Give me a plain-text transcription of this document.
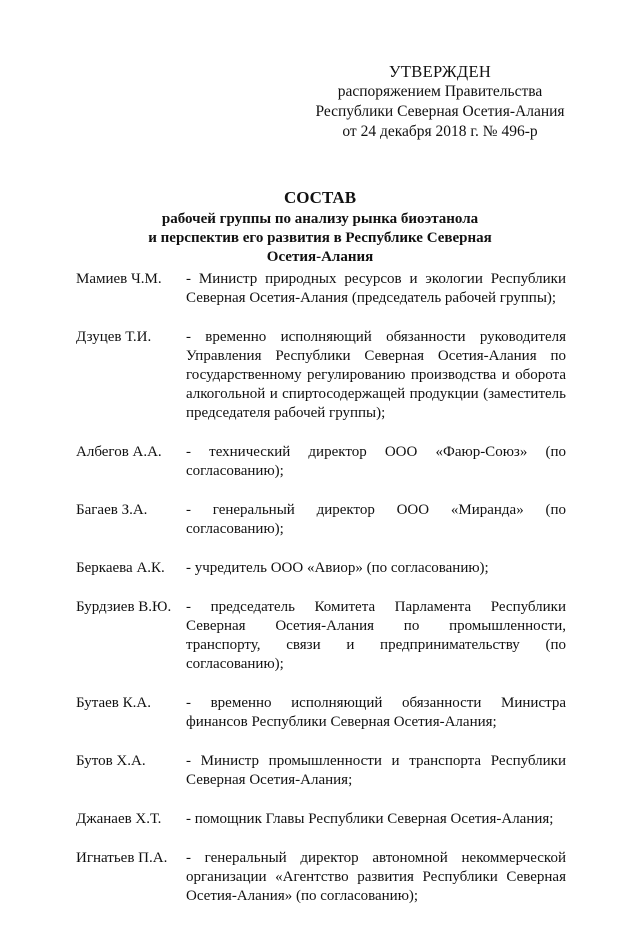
УТВЕРЖДЕН
распоряжением Правительства
Республики Северная Осетия-Алания
от 24 декабря 2018 г. № 496-р
СОСТАВ
рабочей группы по анализу рынка биоэтанола
и перспектив его развития в Республике Северная
Осетия-Алания
Мамиев Ч.М.	- Министр природных ресурсов и экологии Республики Северная Осетия-Алания (председатель рабочей группы);
Дзуцев Т.И.	- временно исполняющий обязанности руководителя Управления Республики Северная Осетия-Алания по государственному регулированию производства и оборота алкогольной и спиртосодержащей продукции (заместитель председателя рабочей группы);
Албегов А.А.	- технический директор ООО «Фаюр-Союз» (по согласованию);
Багаев З.А.	- генеральный директор ООО «Миранда» (по согласованию);
Беркаева А.К.	- учредитель ООО «Авиор» (по согласованию);
Бурдзиев В.Ю. - председатель Комитета Парламента Республики Северная Осетия-Алания по промышленности, транспорту, связи и предпринимательству (по согласованию);
Бутаев К.А.	- временно исполняющий обязанности Министра финансов Республики Северная Осетия-Алания;
Бутов Х.А.	- Министр промышленности и транспорта Республики Северная Осетия-Алания;
Джанаев Х.Т.	- помощник Главы Республики Северная Осетия-Алания;
Игнатьев П.А.	- генеральный директор автономной некоммерческой организации «Агентство развития Республики Северная Осетия-Алания» (по согласованию);
